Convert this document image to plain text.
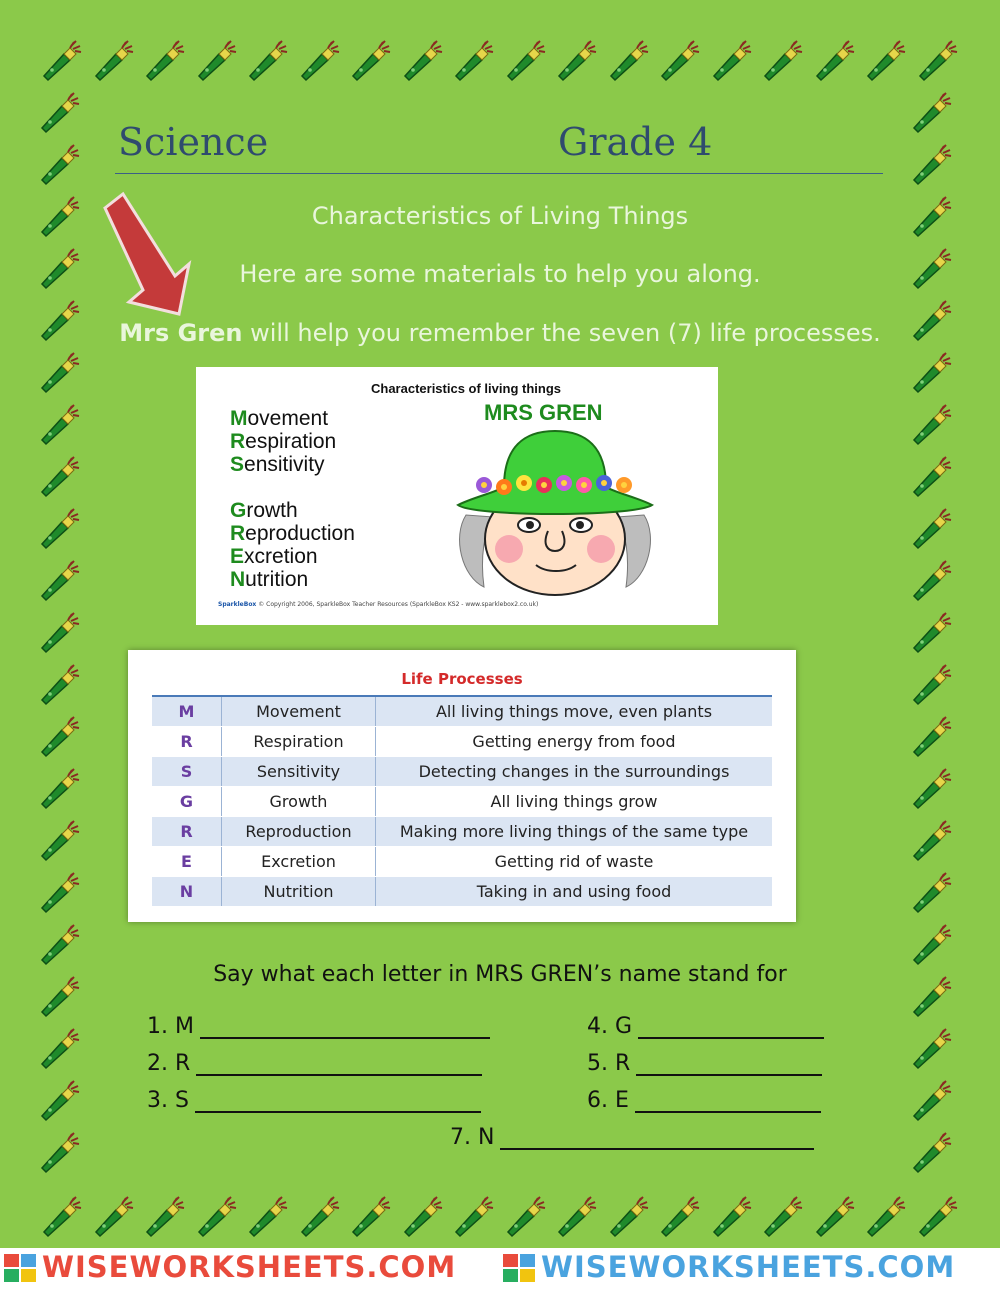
Science	Grade 4
Characteristics of Living Things
Here are some materials to help you along.
Mrs Gren will help you remember the seven (7) life processes.
Characteristics of living things
MRS GREN
Movement
Respiration
Sensitivity
Growth
Reproduction
Excretion
Nutrition
SparkleBox © Copyright 2006, SparkleBox Teacher Resources (SparkleBox KS2 - www.sparklebox2.co.uk)
Life Processes
M	Movement	All living things move, even plants
R	Respiration	Getting energy from food
S	Sensitivity	Detecting changes in the surroundings
G	Growth	All living things grow
R	Reproduction	Making more living things of the same type
E	Excretion	Getting rid of waste
N	Nutrition	Taking in and using food
Say what each letter in MRS GREN’s name stand for
1. M
2. R
3. S
4. G
5. R
6. E
7. N
WISEWORKSHEETS.COM	WISEWORKSHEETS.COM
